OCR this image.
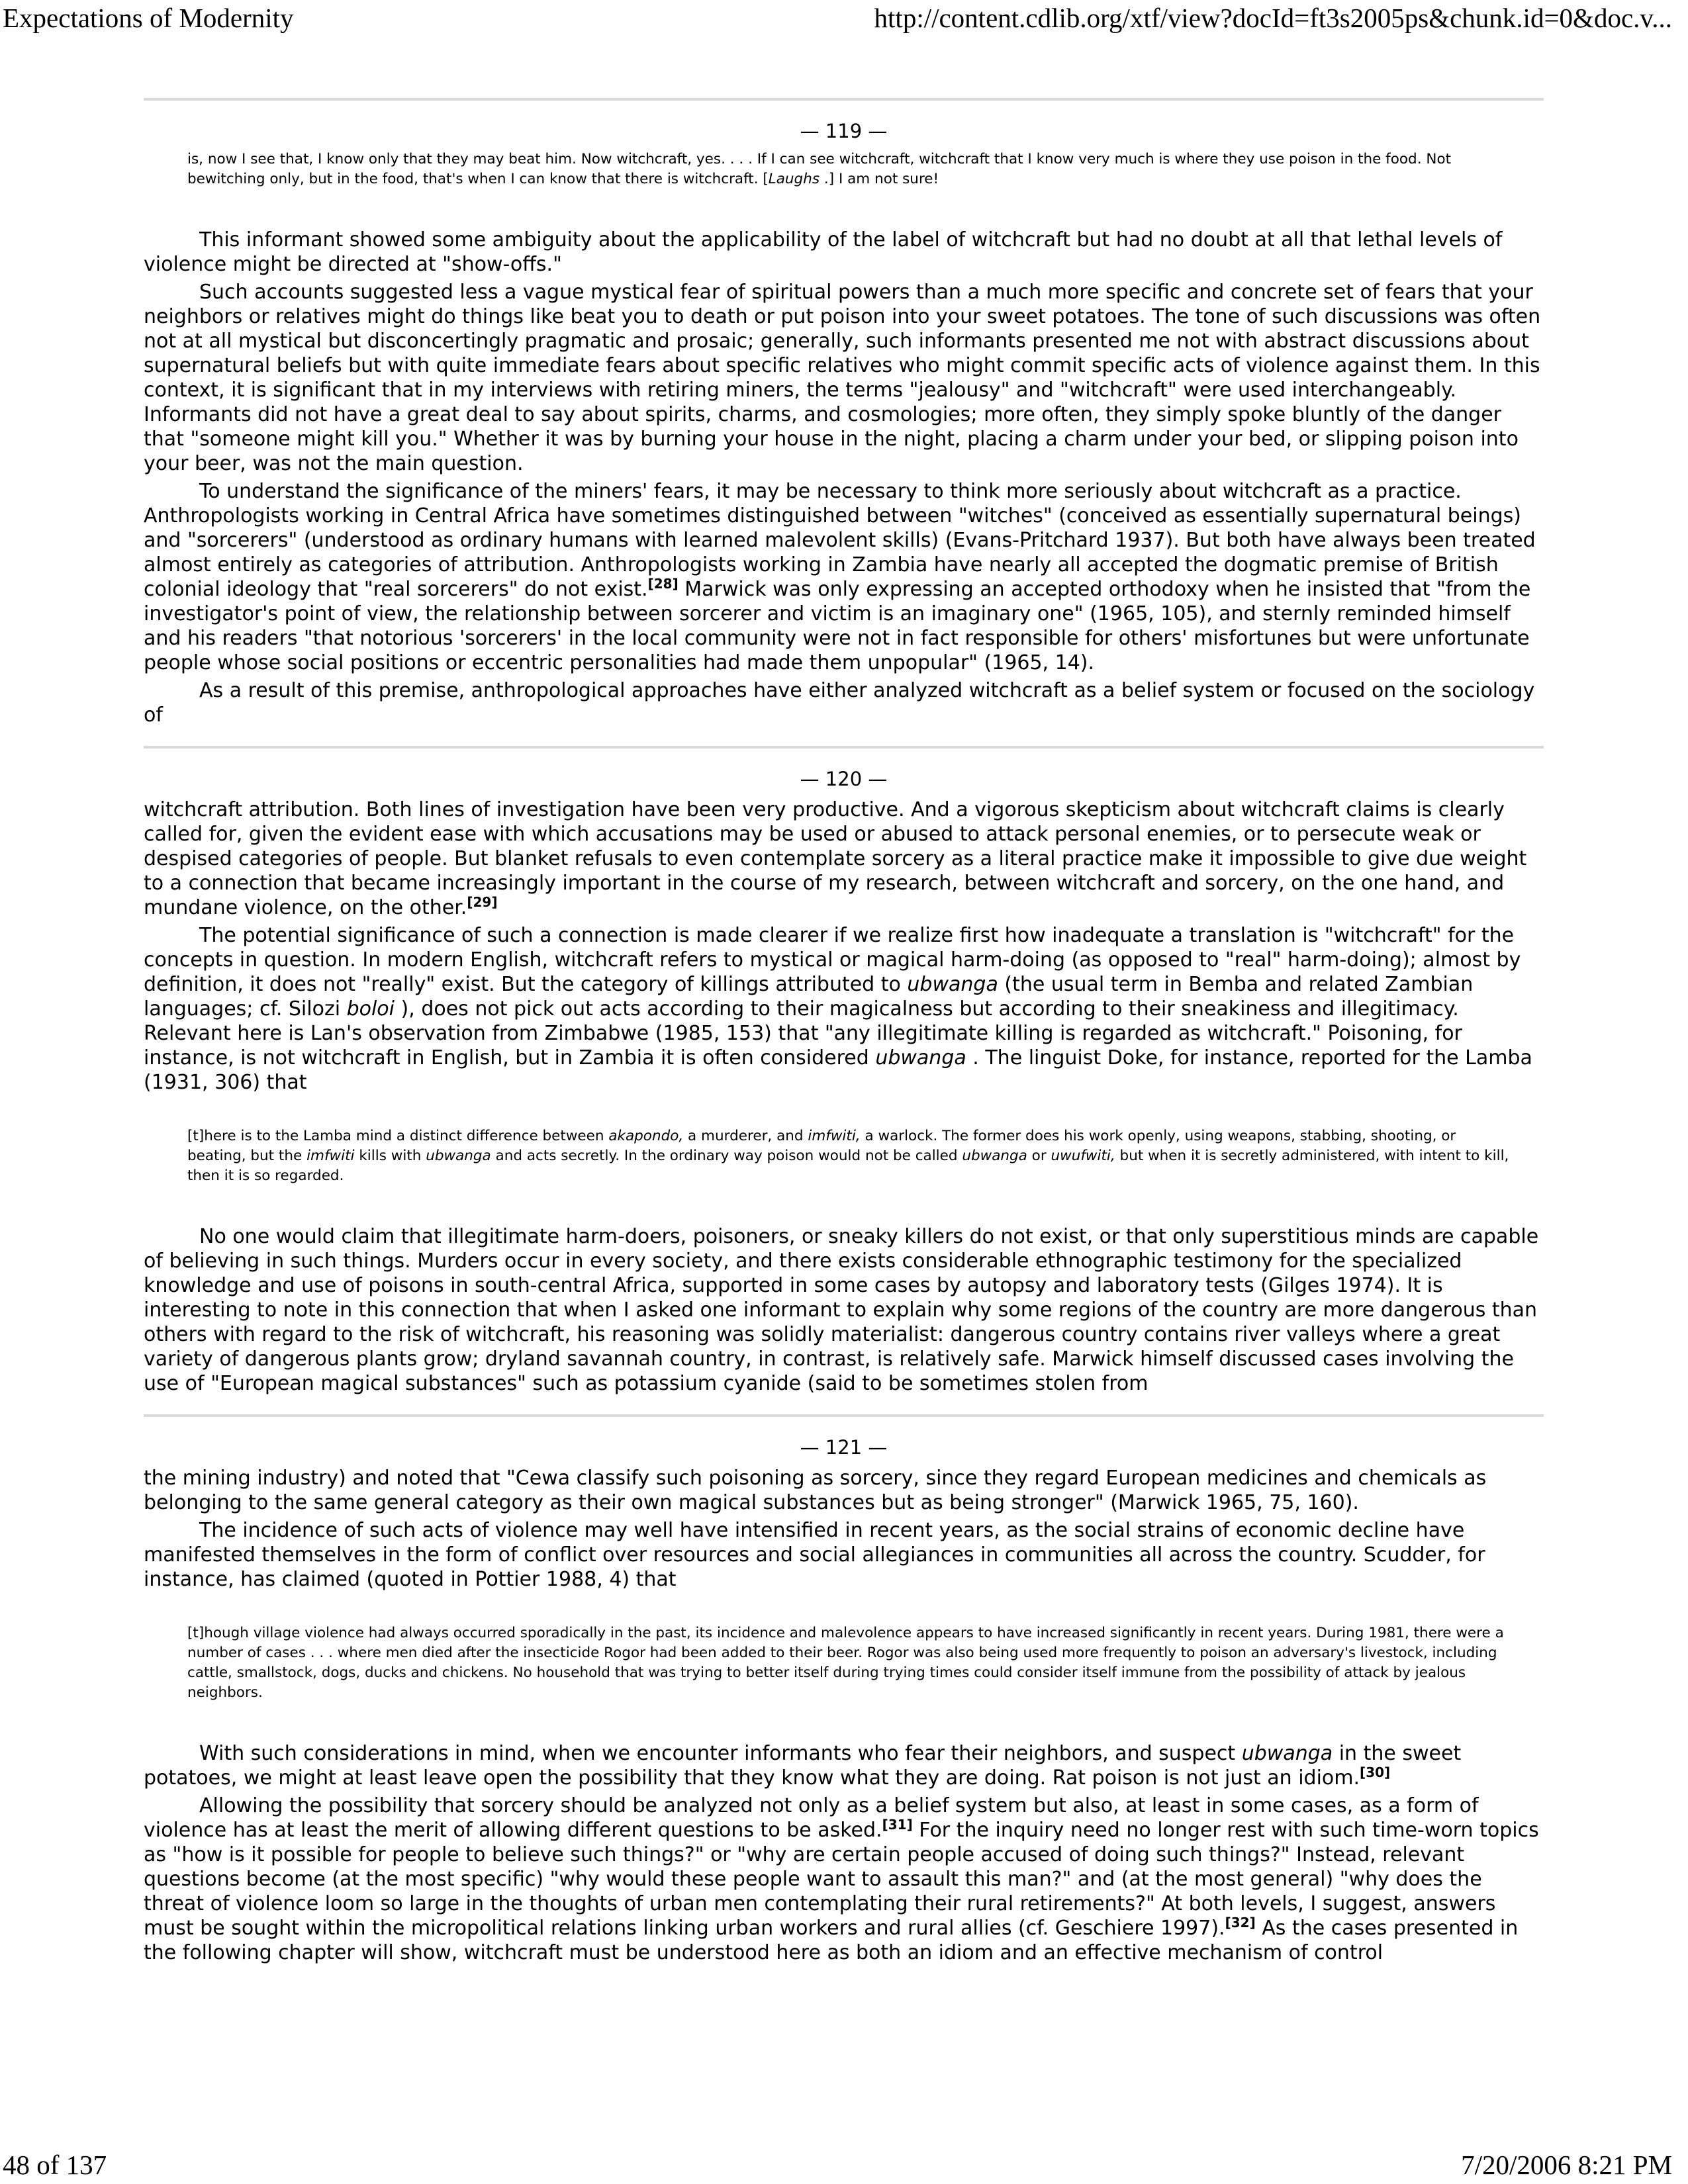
Expectations of Modernity	http://content.cdlib.org/xtf/view?docId=ft3s2005ps&chunk.id=0&doc.v...
— 119 —
is, now I see that, I know only that they may beat him. Now witchcraft, yes. . . . If I can see witchcraft, witchcraft that I know very much is where they use poison in the food. Not bewitching only, but in the food, that's when I can know that there is witchcraft. [Laughs .] I am not sure!

This informant showed some ambiguity about the applicability of the label of witchcraft but had no doubt at all that lethal levels of violence might be directed at "show-offs."

Such accounts suggested less a vague mystical fear of spiritual powers than a much more specific and concrete set of fears that your neighbors or relatives might do things like beat you to death or put poison into your sweet potatoes. The tone of such discussions was often not at all mystical but disconcertingly pragmatic and prosaic; generally, such informants presented me not with abstract discussions about supernatural beliefs but with quite immediate fears about specific relatives who might commit specific acts of violence against them. In this context, it is significant that in my interviews with retiring miners, the terms "jealousy" and "witchcraft" were used interchangeably. Informants did not have a great deal to say about spirits, charms, and cosmologies; more often, they simply spoke bluntly of the danger that "someone might kill you." Whether it was by burning your house in the night, placing a charm under your bed, or slipping poison into your beer, was not the main question.

To understand the significance of the miners' fears, it may be necessary to think more seriously about witchcraft as a practice. Anthropologists working in Central Africa have sometimes distinguished between "witches" (conceived as essentially supernatural beings) and "sorcerers" (understood as ordinary humans with learned malevolent skills) (Evans-Pritchard 1937). But both have always been treated almost entirely as categories of attribution. Anthropologists working in Zambia have nearly all accepted the dogmatic premise of British colonial ideology that "real sorcerers" do not exist.[28] Marwick was only expressing an accepted orthodoxy when he insisted that "from the investigator's point of view, the relationship between sorcerer and victim is an imaginary one" (1965, 105), and sternly reminded himself and his readers "that notorious 'sorcerers' in the local community were not in fact responsible for others' misfortunes but were unfortunate people whose social positions or eccentric personalities had made them unpopular" (1965, 14).

As a result of this premise, anthropological approaches have either analyzed witchcraft as a belief system or focused on the sociology of

— 120 —

witchcraft attribution. Both lines of investigation have been very productive. And a vigorous skepticism about witchcraft claims is clearly called for, given the evident ease with which accusations may be used or abused to attack personal enemies, or to persecute weak or despised categories of people. But blanket refusals to even contemplate sorcery as a literal practice make it impossible to give due weight to a connection that became increasingly important in the course of my research, between witchcraft and sorcery, on the one hand, and mundane violence, on the other.[29]

The potential significance of such a connection is made clearer if we realize first how inadequate a translation is "witchcraft" for the concepts in question. In modern English, witchcraft refers to mystical or magical harm-doing (as opposed to "real" harm-doing); almost by definition, it does not "really" exist. But the category of killings attributed to ubwanga (the usual term in Bemba and related Zambian languages; cf. Silozi boloi ), does not pick out acts according to their magicalness but according to their sneakiness and illegitimacy. Relevant here is Lan's observation from Zimbabwe (1985, 153) that "any illegitimate killing is regarded as witchcraft." Poisoning, for instance, is not witchcraft in English, but in Zambia it is often considered ubwanga . The linguist Doke, for instance, reported for the Lamba (1931, 306) that

[t]here is to the Lamba mind a distinct difference between akapondo, a murderer, and imfwiti, a warlock. The former does his work openly, using weapons, stabbing, shooting, or beating, but the imfwiti kills with ubwanga and acts secretly. In the ordinary way poison would not be called ubwanga or uwufwiti, but when it is secretly administered, with intent to kill, then it is so regarded.

No one would claim that illegitimate harm-doers, poisoners, or sneaky killers do not exist, or that only superstitious minds are capable of believing in such things. Murders occur in every society, and there exists considerable ethnographic testimony for the specialized knowledge and use of poisons in south-central Africa, supported in some cases by autopsy and laboratory tests (Gilges 1974). It is interesting to note in this connection that when I asked one informant to explain why some regions of the country are more dangerous than others with regard to the risk of witchcraft, his reasoning was solidly materialist: dangerous country contains river valleys where a great variety of dangerous plants grow; dryland savannah country, in contrast, is relatively safe. Marwick himself discussed cases involving the use of "European magical substances" such as potassium cyanide (said to be sometimes stolen from

— 121 —

the mining industry) and noted that "Cewa classify such poisoning as sorcery, since they regard European medicines and chemicals as belonging to the same general category as their own magical substances but as being stronger" (Marwick 1965, 75, 160).

The incidence of such acts of violence may well have intensified in recent years, as the social strains of economic decline have manifested themselves in the form of conflict over resources and social allegiances in communities all across the country. Scudder, for instance, has claimed (quoted in Pottier 1988, 4) that

[t]hough village violence had always occurred sporadically in the past, its incidence and malevolence appears to have increased significantly in recent years. During 1981, there were a number of cases . . . where men died after the insecticide Rogor had been added to their beer. Rogor was also being used more frequently to poison an adversary's livestock, including cattle, smallstock, dogs, ducks and chickens. No household that was trying to better itself during trying times could consider itself immune from the possibility of attack by jealous neighbors.

With such considerations in mind, when we encounter informants who fear their neighbors, and suspect ubwanga in the sweet potatoes, we might at least leave open the possibility that they know what they are doing. Rat poison is not just an idiom.[30]

Allowing the possibility that sorcery should be analyzed not only as a belief system but also, at least in some cases, as a form of violence has at least the merit of allowing different questions to be asked.[31] For the inquiry need no longer rest with such time-worn topics as "how is it possible for people to believe such things?" or "why are certain people accused of doing such things?" Instead, relevant questions become (at the most specific) "why would these people want to assault this man?" and (at the most general) "why does the threat of violence loom so large in the thoughts of urban men contemplating their rural retirements?" At both levels, I suggest, answers must be sought within the micropolitical relations linking urban workers and rural allies (cf. Geschiere 1997).[32] As the cases presented in the following chapter will show, witchcraft must be understood here as both an idiom and an effective mechanism of control

48 of 137	7/20/2006 8:21 PM
